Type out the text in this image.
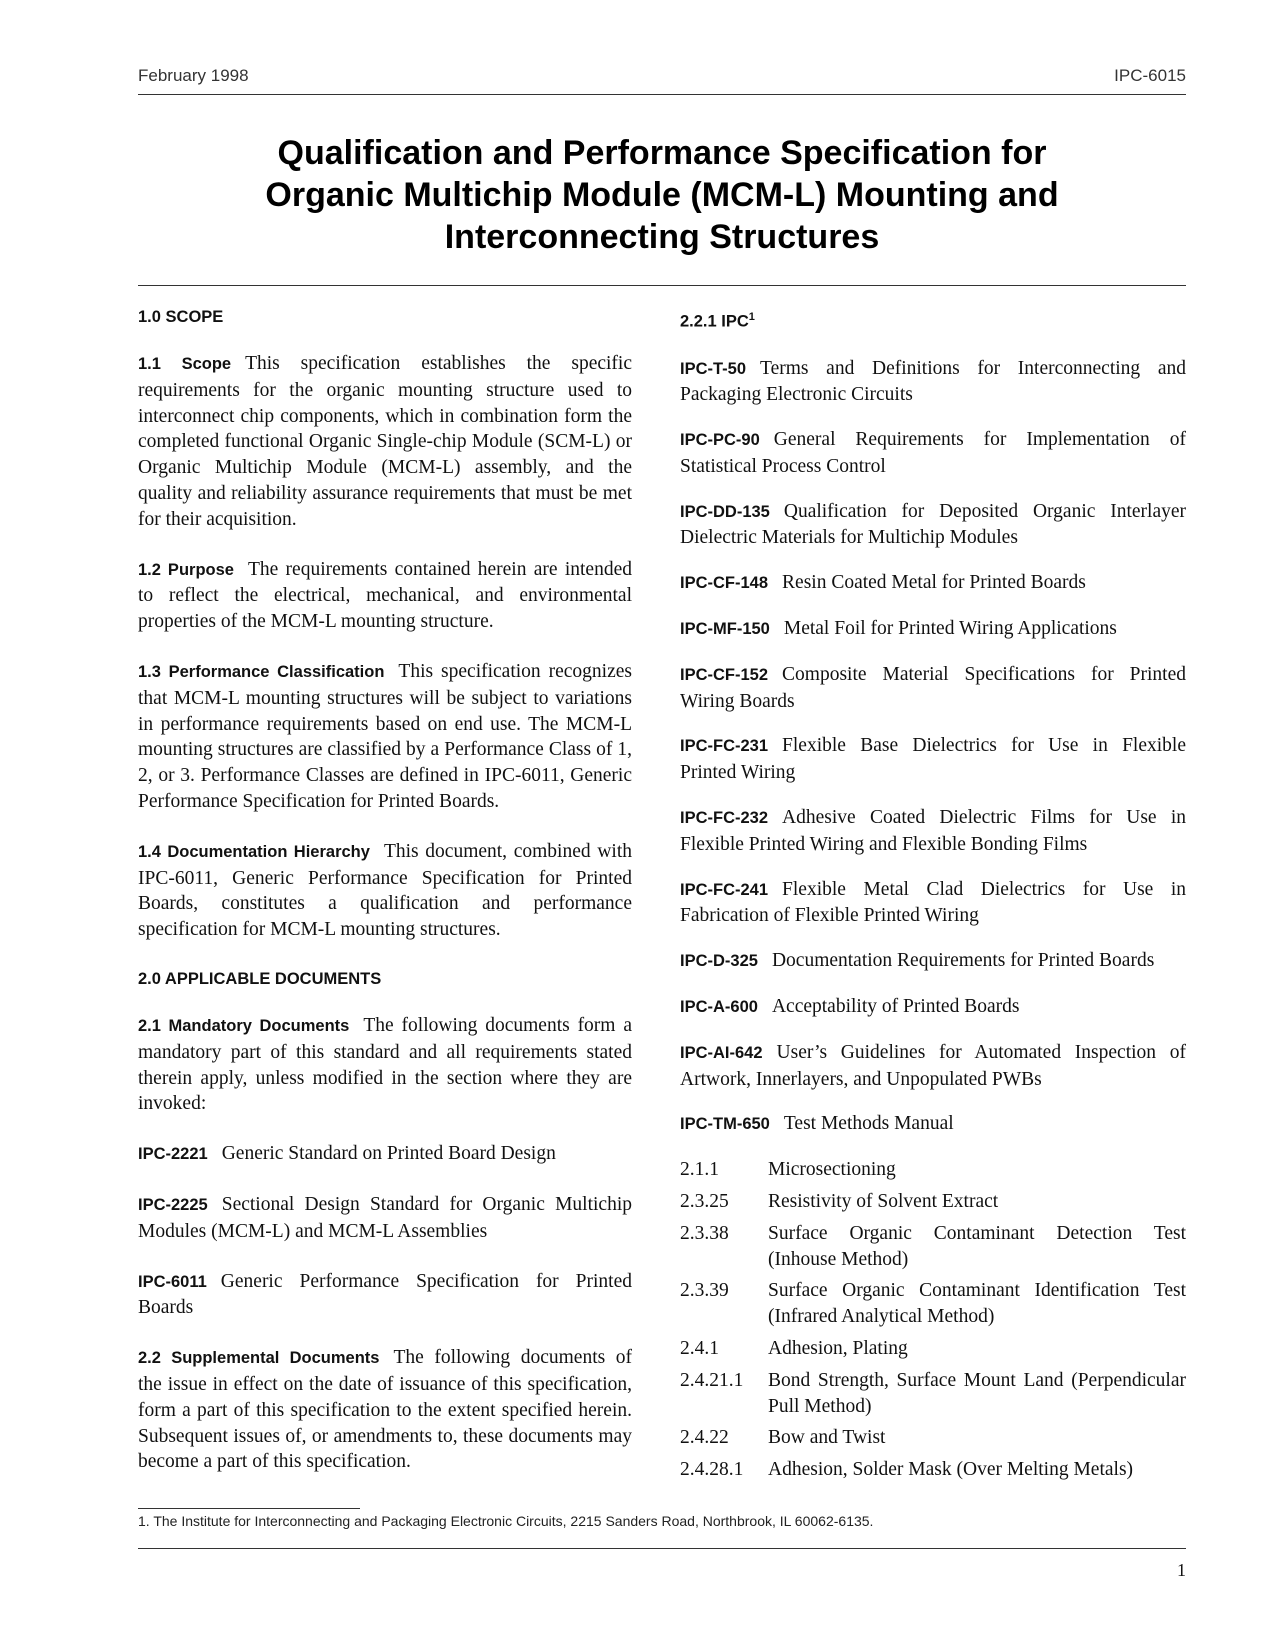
February 1998	IPC-6015
Qualification and Performance Specification for
Organic Multichip Module (MCM-L) Mounting and
Interconnecting Structures
1.0 SCOPE

1.1 Scope This specification establishes the specific requirements for the organic mounting structure used to interconnect chip components, which in combination form the completed functional Organic Single-chip Module (SCM-L) or Organic Multichip Module (MCM-L) assembly, and the quality and reliability assurance requirements that must be met for their acquisition.

1.2 Purpose The requirements contained herein are intended to reflect the electrical, mechanical, and environmental properties of the MCM-L mounting structure.

1.3 Performance Classification This specification recognizes that MCM-L mounting structures will be subject to variations in performance requirements based on end use. The MCM-L mounting structures are classified by a Performance Class of 1, 2, or 3. Performance Classes are defined in IPC-6011, Generic Performance Specification for Printed Boards.

1.4 Documentation Hierarchy This document, combined with IPC-6011, Generic Performance Specification for Printed Boards, constitutes a qualification and performance specification for MCM-L mounting structures.

2.0 APPLICABLE DOCUMENTS

2.1 Mandatory Documents The following documents form a mandatory part of this standard and all requirements stated therein apply, unless modified in the section where they are invoked:

IPC-2221 Generic Standard on Printed Board Design

IPC-2225 Sectional Design Standard for Organic Multichip Modules (MCM-L) and MCM-L Assemblies

IPC-6011 Generic Performance Specification for Printed Boards

2.2 Supplemental Documents The following documents of the issue in effect on the date of issuance of this specification, form a part of this specification to the extent specified herein. Subsequent issues of, or amendments to, these documents may become a part of this specification.

2.2.1 IPC$^1$

IPC-T-50 Terms and Definitions for Interconnecting and Packaging Electronic Circuits

IPC-PC-90 General Requirements for Implementation of Statistical Process Control

IPC-DD-135 Qualification for Deposited Organic Interlayer Dielectric Materials for Multichip Modules

IPC-CF-148 Resin Coated Metal for Printed Boards

IPC-MF-150 Metal Foil for Printed Wiring Applications

IPC-CF-152 Composite Material Specifications for Printed Wiring Boards

IPC-FC-231 Flexible Base Dielectrics for Use in Flexible Printed Wiring

IPC-FC-232 Adhesive Coated Dielectric Films for Use in Flexible Printed Wiring and Flexible Bonding Films

IPC-FC-241 Flexible Metal Clad Dielectrics for Use in Fabrication of Flexible Printed Wiring

IPC-D-325 Documentation Requirements for Printed Boards

IPC-A-600 Acceptability of Printed Boards

IPC-AI-642 User’s Guidelines for Automated Inspection of Artwork, Innerlayers, and Unpopulated PWBs

IPC-TM-650 Test Methods Manual

2.1.1	Microsectioning
2.3.25	Resistivity of Solvent Extract
2.3.38	Surface Organic Contaminant Detection Test (Inhouse Method)
2.3.39	Surface Organic Contaminant Identification Test (Infrared Analytical Method)
2.4.1	Adhesion, Plating
2.4.21.1	Bond Strength, Surface Mount Land (Perpendicular Pull Method)
2.4.22	Bow and Twist
2.4.28.1	Adhesion, Solder Mask (Over Melting Metals)
1. The Institute for Interconnecting and Packaging Electronic Circuits, 2215 Sanders Road, Northbrook, IL 60062-6135.
1
